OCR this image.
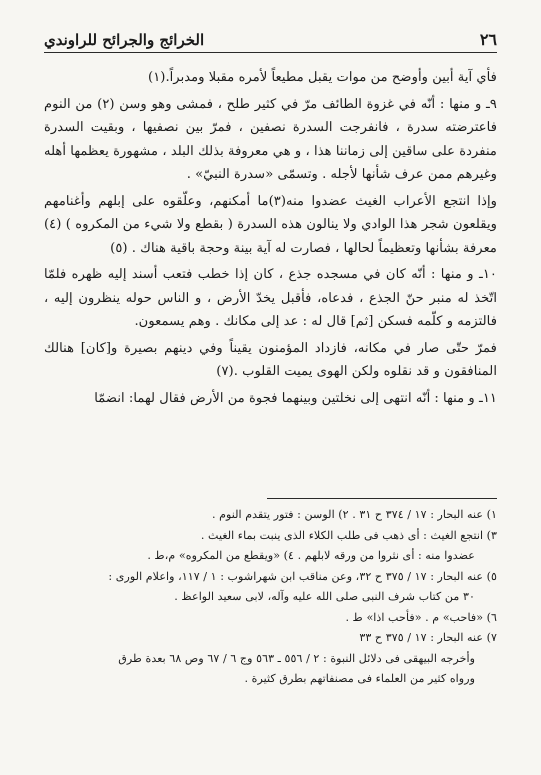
٢٦
الخرائج والجرائح للراوندي

فأي آية أبين وأوضح من موات يقبل مطيعاً لأمره مقبلا ومدبراً.(١)

٩ـ و منها : أنّه في غزوة الطائف مرّ في كثير طلح ، فمشى وهو وسن (٢) من النوم فاعترضته سدرة ، فانفرجت السدرة نصفين ، فمرّ بين نصفيها ، وبقيت السدرة منفردة على ساقين إلى زماننا هذا ، و هي معروفة بذلك البلد ، مشهورة يعظمها أهله وغيرهم ممن عرف شأنها لأجله . وتسمّى «سدرة النبيّ» .

وإذا انتجع الأعراب الغيث عضدوا منه(٣)ما أمكنهم، وعلّقوه على إبلهم وأغنامهم ويقلعون شجر هذا الوادي ولا ينالون هذه السدرة ( بقطع ولا شيء من المكروه ) (٤) معرفة بشأنها وتعظيماً لحالها ، فصارت له آية بينة وحجة باقية هناك . (٥)

١٠ـ و منها : أنّه كان في مسجده جذع ، كان إذا خطب فتعب أسند إليه ظهره فلمّا اتّخذ له منبر حنّ الجذع ، فدعاه، فأقبل يخدّ الأرض ، و الناس حوله ينظرون إليه ، فالتزمه و كلّمه فسكن [ثم] قال له : عد إلى مكانك . وهم يسمعون.

فمرّ حتّى صار في مكانه، فازداد المؤمنون يقيناً وفي دينهم بصيرة و[كان] هنالك المنافقون و قد نقلوه ولكن الهوى يميت القلوب .(٧)

١١ـ و منها : أنّه انتهى إلى نخلتين وبينهما فجوة من الأرض فقال لهما: انضمّا

١) عنه البحار : ١٧ / ٣٧٤ ح ٣١ . ٢) الوسن : فتور يتقدم النوم .
٣) انتجع الغيث : أى ذهب فى طلب الكلاء الذى ينبت بماء الغيث .
عضدوا منه : أى نثروا من ورقه لابلهم . ٤) «ويقطع من المكروه» م،ط .
٥) عنه البحار : ١٧ / ٣٧٥ ح ٣٢، وعن مناقب ابن شهراشوب : ١ / ١١٧، واعلام الورى :
٣٠ من كتاب شرف النبى صلى الله عليه وآله، لابى سعيد الواعظ .
٦) «فاحب» م . «فأحب اذا» ط .
٧) عنه البحار : ١٧ / ٣٧٥ ح ٣٣
وأخرجه البيهقى فى دلائل النبوة : ٢ / ٥٥٦ ـ ٥٦٣ وج ٦ / ٦٧ وص ٦٨ بعدة طرق
ورواه كثير من العلماء فى مصنفاتهم بطرق كثيرة .
